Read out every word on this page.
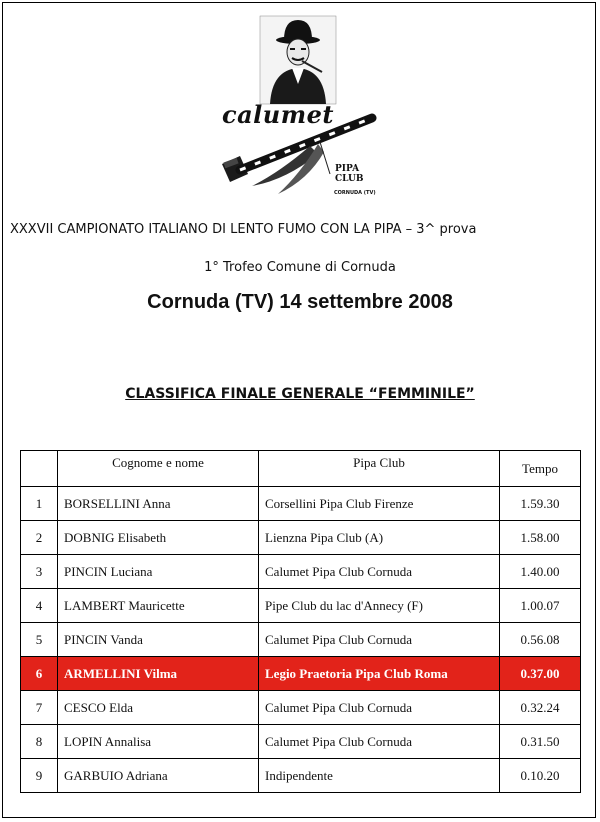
calumet
PIPA CLUB
CORNUDA (TV)
XXXVII CAMPIONATO ITALIANO DI LENTO FUMO CON LA PIPA – 3^ prova
1° Trofeo Comune di Cornuda
Cornuda (TV) 14 settembre 2008
CLASSIFICA FINALE GENERALE “FEMMINILE”
	Cognome e nome	Pipa Club	Tempo
1	BORSELLINI Anna	Corsellini Pipa Club Firenze	1.59.30
2	DOBNIG Elisabeth	Lienzna Pipa Club (A)	1.58.00
3	PINCIN Luciana	Calumet Pipa Club Cornuda	1.40.00
4	LAMBERT Mauricette	Pipe Club du lac d'Annecy (F)	1.00.07
5	PINCIN Vanda	Calumet Pipa Club Cornuda	0.56.08
6	ARMELLINI Vilma	Legio Praetoria Pipa Club Roma	0.37.00
7	CESCO Elda	Calumet Pipa Club Cornuda	0.32.24
8	LOPIN Annalisa	Calumet Pipa Club Cornuda	0.31.50
9	GARBUIO Adriana	Indipendente	0.10.20
